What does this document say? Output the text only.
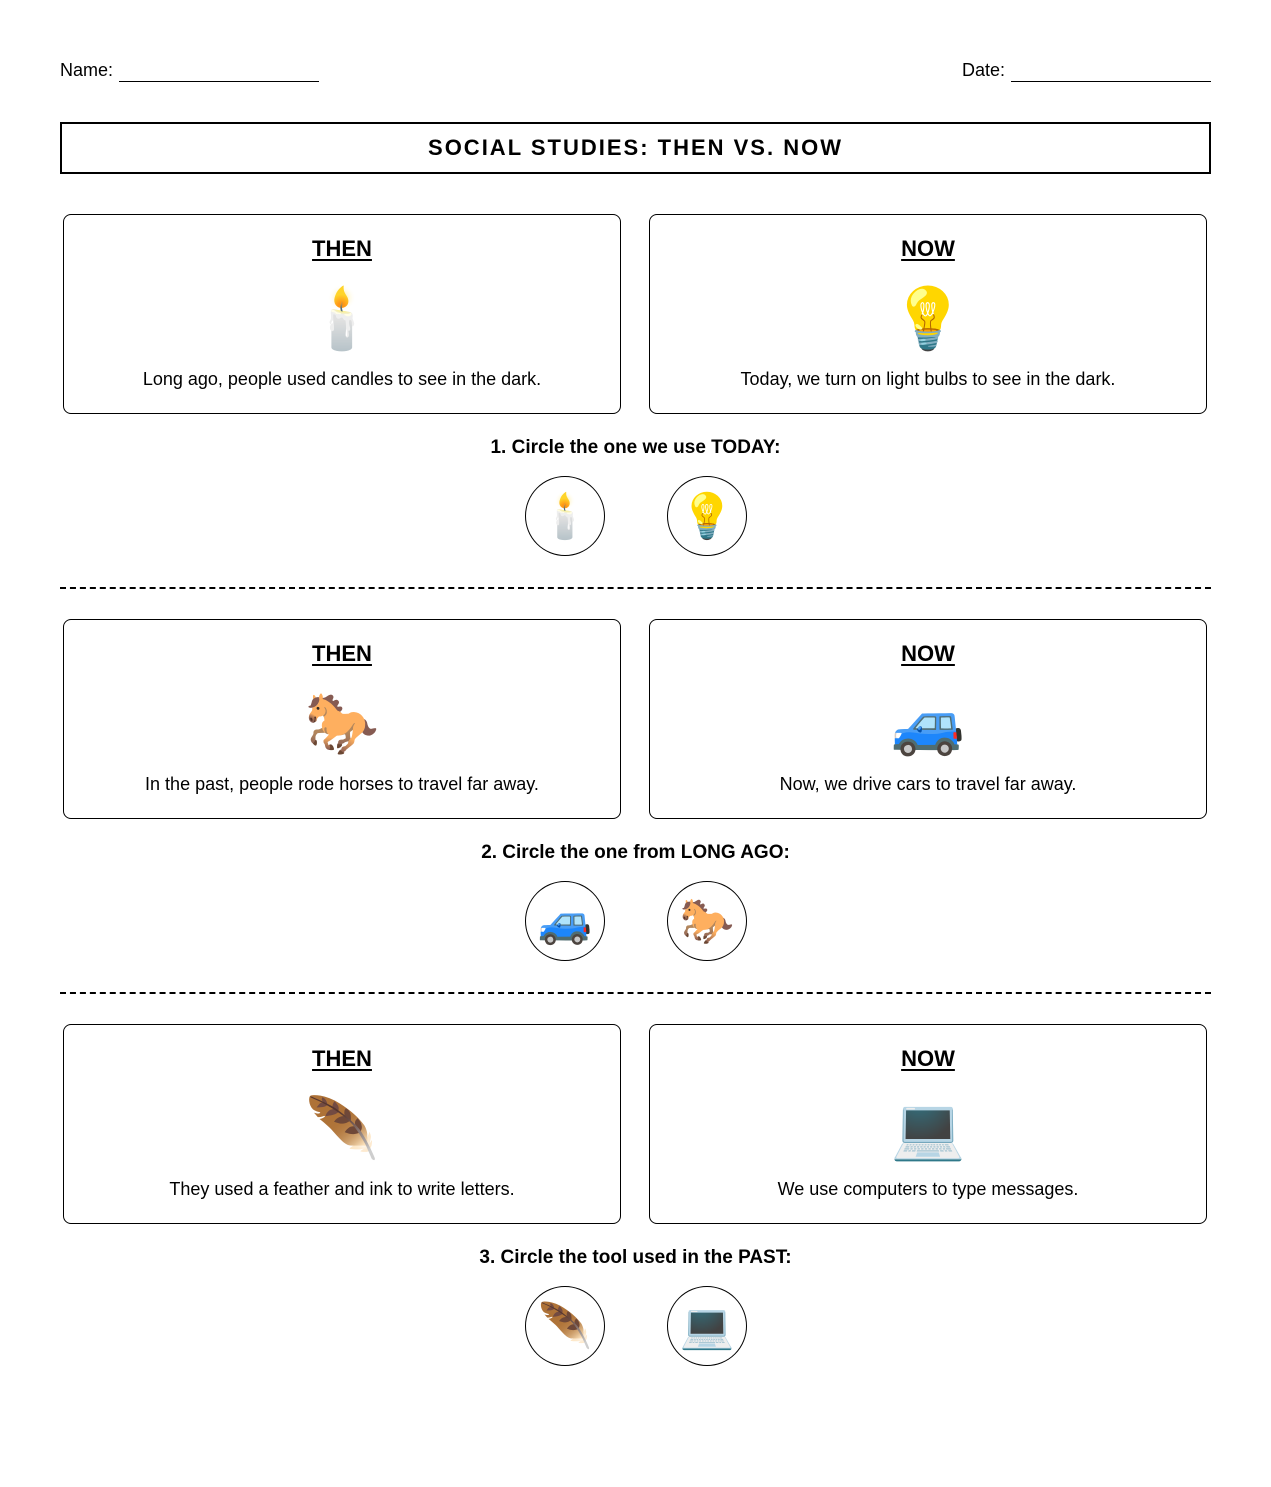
Name:	Date:
SOCIAL STUDIES: THEN VS. NOW
THEN
🕯️
Long ago, people used candles to see in the dark.
NOW
💡
Today, we turn on light bulbs to see in the dark.
1. Circle the one we use TODAY:
🕯️ 💡
THEN
🐎
In the past, people rode horses to travel far away.
NOW
🚙
Now, we drive cars to travel far away.
2. Circle the one from LONG AGO:
🚙 🐎
THEN
🪶
They used a feather and ink to write letters.
NOW
💻
We use computers to type messages.
3. Circle the tool used in the PAST:
🪶 💻
